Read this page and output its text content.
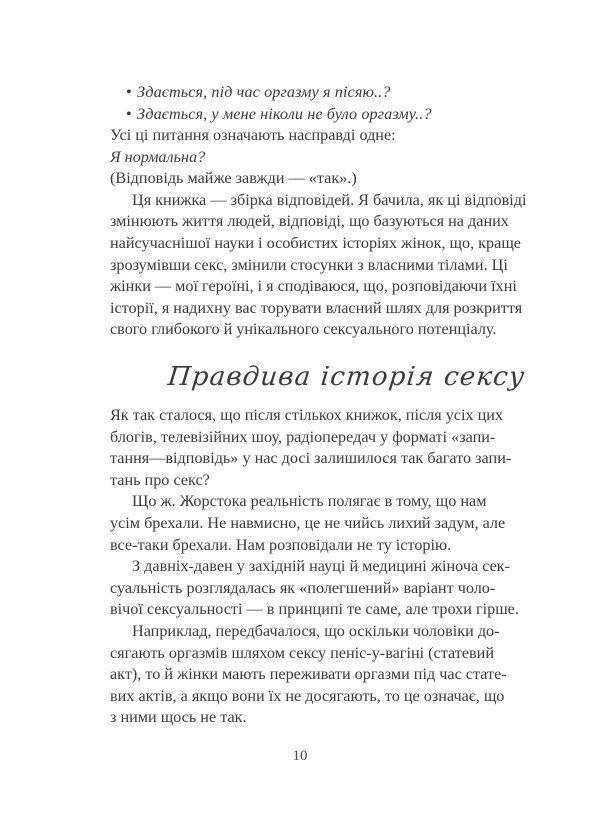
• Здається, під час оргазму я пісяю..?

• Здається, у мене ніколи не було оргазму..?

Усі ці питання означають насправді одне:

Я нормальна?

(Відповідь майже завжди — «так».)

Ця книжка — збірка відповідей. Я бачила, як ці відповіді
змінюють життя людей, відповіді, що базуються на даних
найсучаснішої науки і особистих історіях жінок, що, краще
зрозумівши секс, змінили стосунки з власними тілами. Ці
жінки — мої героїні, і я сподіваюся, що, розповідаючи їхні
історії, я надихну вас торувати власний шлях для розкриття
свого глибокого й унікального сексуального потенціалу.
Правдива історія сексу
Як так сталося, що після стількох книжок, після усіх цих
блогів, телевізійних шоу, радіопередач у форматі «запи-
тання—відповідь» у нас досі залишилося так багато запи-
тань про секс?
Що ж. Жорстока реальність полягає в тому, що нам
усім брехали. Не навмисно, це не чийсь лихий задум, але
все-таки брехали. Нам розповідали не ту історію.
З давніх-давен у західній науці й медицині жіноча сек-
суальність розглядалась як «полегшений» варіант чоло-
вічої сексуальності — в принципі те саме, але трохи гірше.
Наприклад, передбачалося, що оскільки чоловіки до-
сягають оргазмів шляхом сексу пеніс-у-вагіні (статевий
акт), то й жінки мають переживати оргазми під час стате-
вих актів, а якщо вони їх не досягають, то це означає, що
з ними щось не так.
10
